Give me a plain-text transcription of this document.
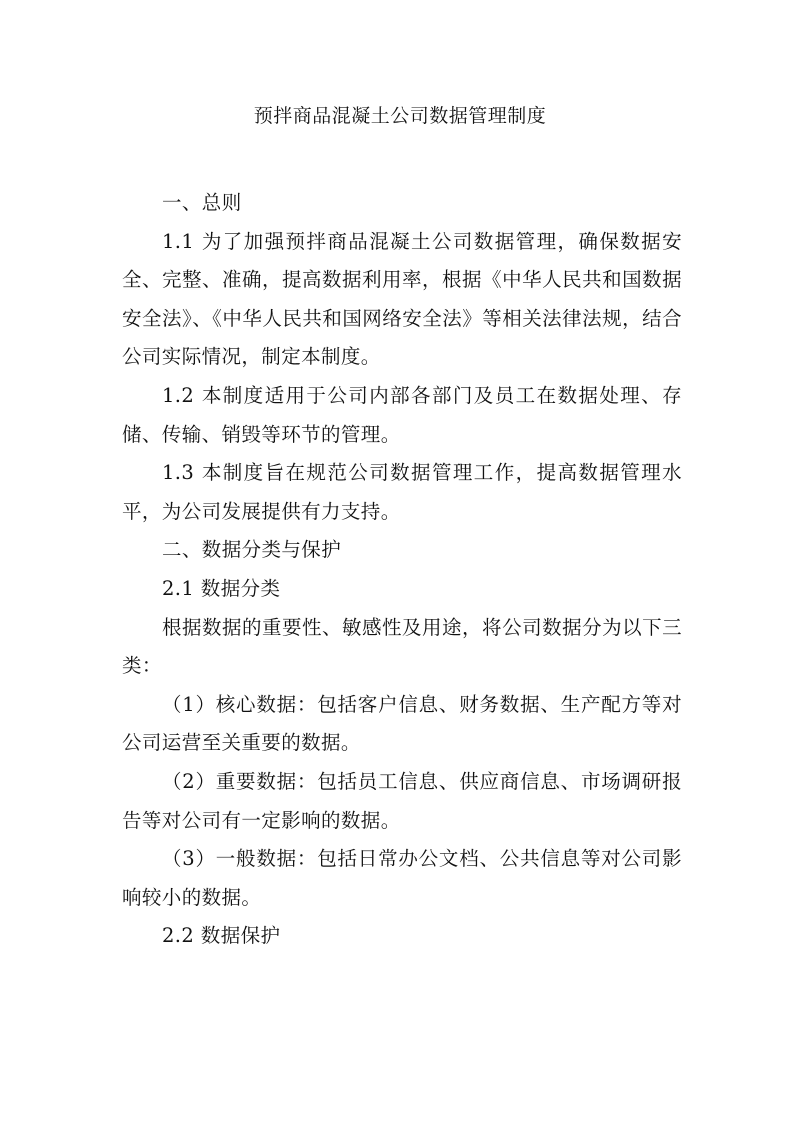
预拌商品混凝土公司数据管理制度

一、总则

1.1 为了加强预拌商品混凝土公司数据管理，确保数据安全、完整、准确，提高数据利用率，根据《中华人民共和国数据安全法》、《中华人民共和国网络安全法》等相关法律法规，结合公司实际情况，制定本制度。

1.2 本制度适用于公司内部各部门及员工在数据处理、存储、传输、销毁等环节的管理。

1.3 本制度旨在规范公司数据管理工作，提高数据管理水平，为公司发展提供有力支持。

二、数据分类与保护

2.1 数据分类

根据数据的重要性、敏感性及用途，将公司数据分为以下三类：

（1）核心数据：包括客户信息、财务数据、生产配方等对公司运营至关重要的数据。

（2）重要数据：包括员工信息、供应商信息、市场调研报告等对公司有一定影响的数据。

（3）一般数据：包括日常办公文档、公共信息等对公司影响较小的数据。

2.2 数据保护
